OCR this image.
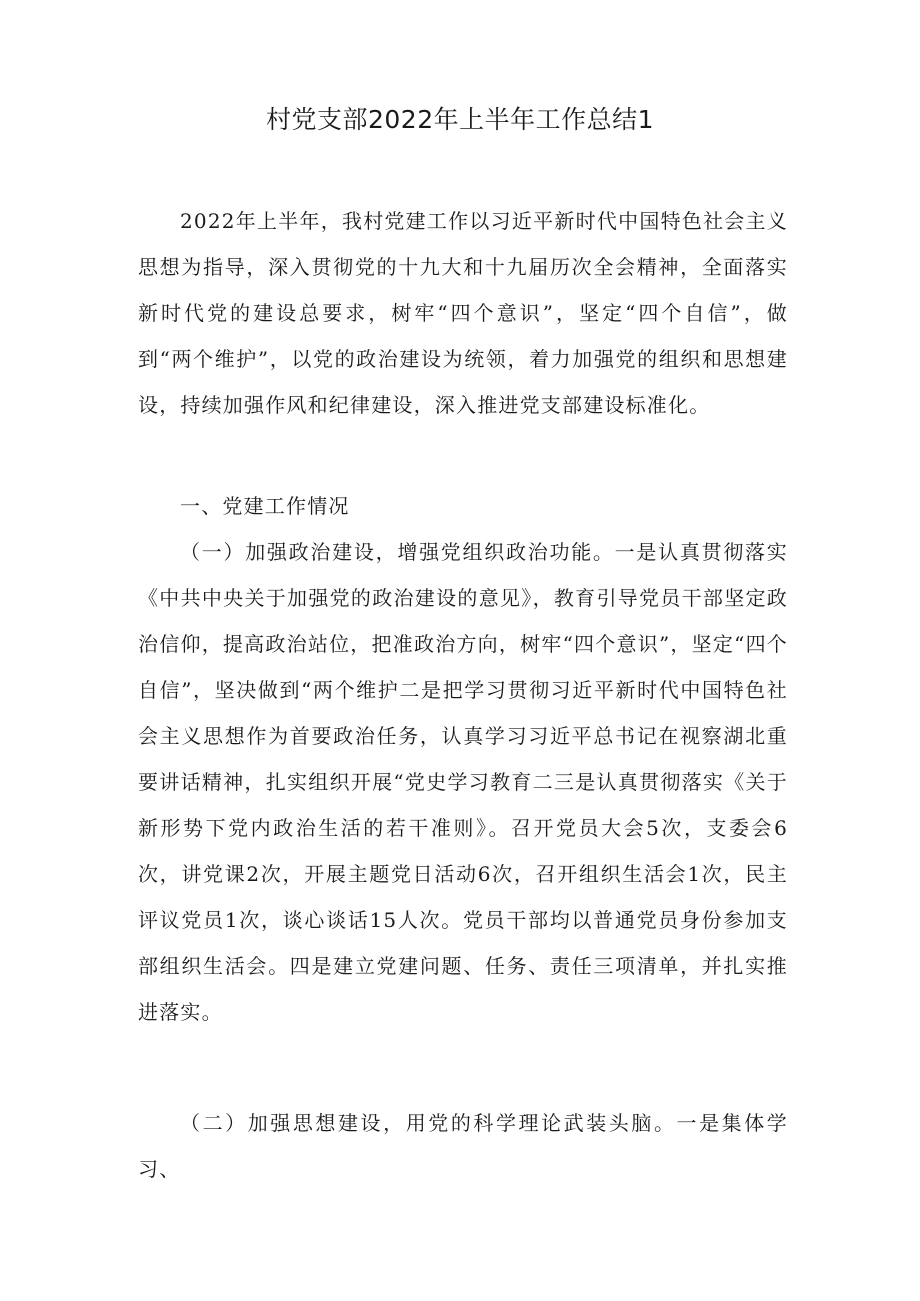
村党支部2022年上半年工作总结1

2022年上半年，我村党建工作以习近平新时代中国特色社会主义思想为指导，深入贯彻党的十九大和十九届历次全会精神，全面落实新时代党的建设总要求，树牢“四个意识”，坚定“四个自信”，做到“两个维护”，以党的政治建设为统领，着力加强党的组织和思想建设，持续加强作风和纪律建设，深入推进党支部建设标准化。

一、党建工作情况

（一）加强政治建设，增强党组织政治功能。一是认真贯彻落实《中共中央关于加强党的政治建设的意见》，教育引导党员干部坚定政治信仰，提高政治站位，把准政治方向，树牢“四个意识”，坚定“四个自信”，坚决做到“两个维护二是把学习贯彻习近平新时代中国特色社会主义思想作为首要政治任务，认真学习习近平总书记在视察湖北重要讲话精神，扎实组织开展“党史学习教育二三是认真贯彻落实《关于新形势下党内政治生活的若干准则》。召开党员大会5次，支委会6次，讲党课2次，开展主题党日活动6次，召开组织生活会1次，民主评议党员1次，谈心谈话15人次。党员干部均以普通党员身份参加支部组织生活会。四是建立党建问题、任务、责任三项清单，并扎实推进落实。

（二）加强思想建设，用党的科学理论武装头脑。一是集体学习、
